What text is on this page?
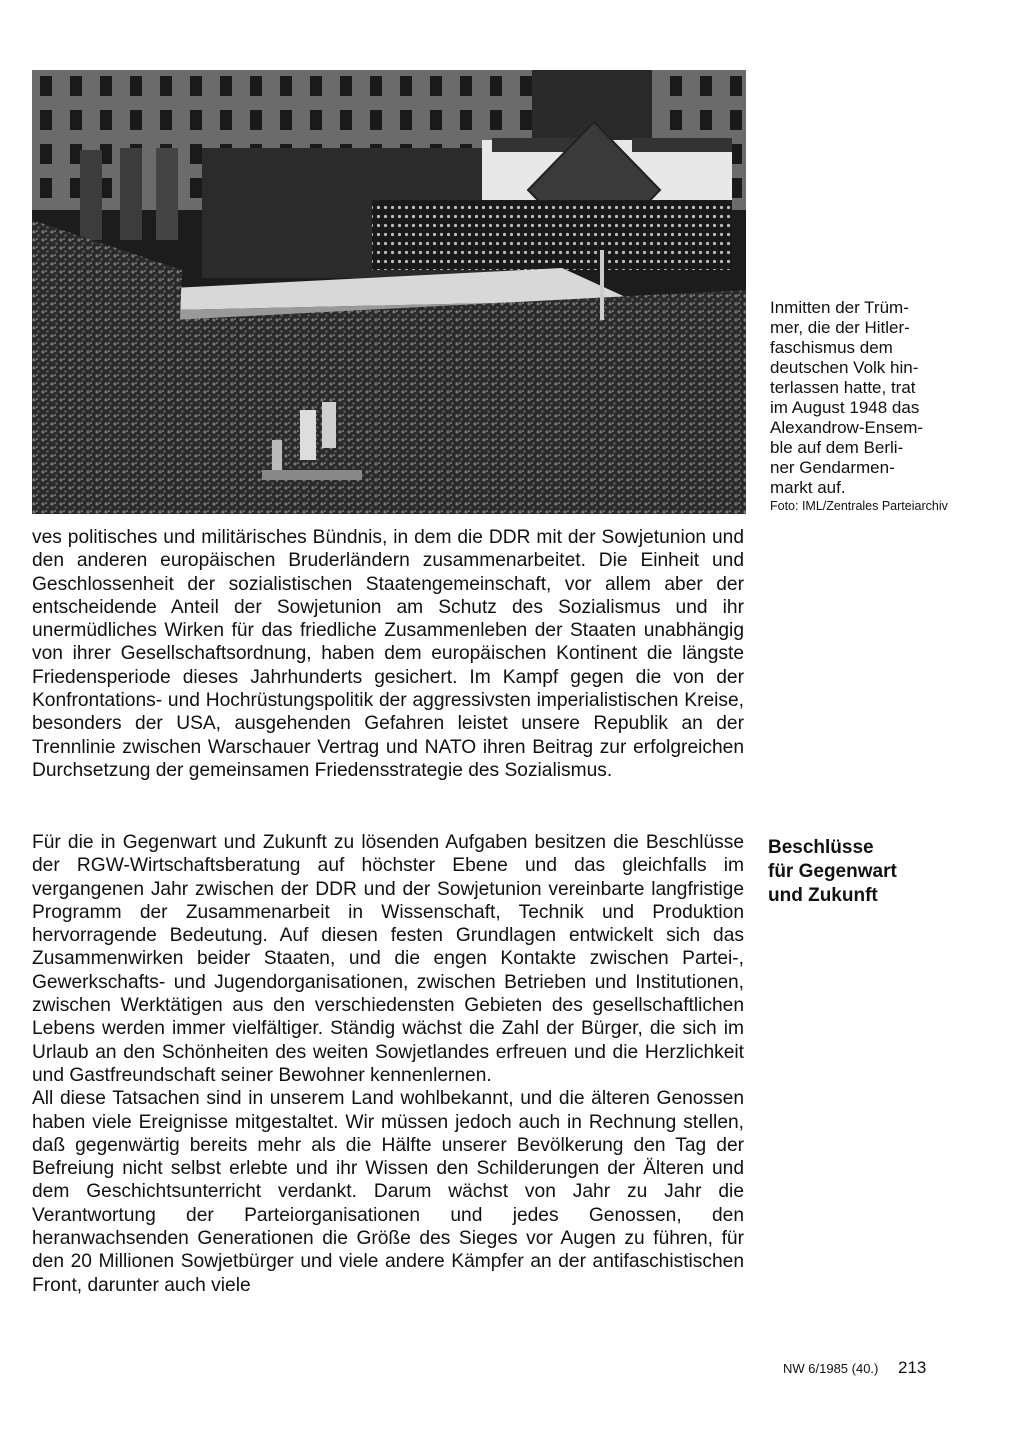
Inmitten der Trüm-

mer, die der Hitler-

faschismus dem

deutschen Volk hin-

terlassen hatte, trat

im August 1948 das

Alexandrow-Ensem-

ble auf dem Berli-

ner Gendarmen-

markt auf.

Foto: IML/Zentrales Parteiarchiv

ves politisches und militärisches Bündnis, in dem die DDR mit der Sowjetunion und den anderen europäischen Bruderländern zusammenarbeitet. Die Einheit und Geschlossenheit der sozialistischen Staatengemeinschaft, vor allem aber der entscheidende Anteil der Sowjetunion am Schutz des Sozialismus und ihr unermüdliches Wirken für das friedliche Zusammenleben der Staaten unabhängig von ihrer Gesellschaftsordnung, haben dem europäischen Kontinent die längste Friedensperiode dieses Jahrhunderts gesichert. Im Kampf gegen die von der Konfrontations- und Hochrüstungspolitik der aggressivsten imperialistischen Kreise, besonders der USA, ausgehenden Gefahren leistet unsere Republik an der Trennlinie zwischen Warschauer Vertrag und NATO ihren Beitrag zur erfolgreichen Durchsetzung der gemeinsamen Friedensstrategie des Sozialismus.

Beschlüsse
für Gegenwart
und Zukunft

Für die in Gegenwart und Zukunft zu lösenden Aufgaben besitzen die Beschlüsse der RGW-Wirtschaftsberatung auf höchster Ebene und das gleichfalls im vergangenen Jahr zwischen der DDR und der Sowjetunion vereinbarte langfristige Programm der Zusammenarbeit in Wissenschaft, Technik und Produktion hervorragende Bedeutung. Auf diesen festen Grundlagen entwickelt sich das Zusammenwirken beider Staaten, und die engen Kontakte zwischen Partei-, Gewerkschafts- und Jugendorganisationen, zwischen Betrieben und Institutionen, zwischen Werktätigen aus den verschiedensten Gebieten des gesellschaftlichen Lebens werden immer vielfältiger. Ständig wächst die Zahl der Bürger, die sich im Urlaub an den Schönheiten des weiten Sowjetlandes erfreuen und die Herzlichkeit und Gastfreundschaft seiner Bewohner kennenlernen.

All diese Tatsachen sind in unserem Land wohlbekannt, und die älteren Genossen haben viele Ereignisse mitgestaltet. Wir müssen jedoch auch in Rechnung stellen, daß gegenwärtig bereits mehr als die Hälfte unserer Bevölkerung den Tag der Befreiung nicht selbst erlebte und ihr Wissen den Schilderungen der Älteren und dem Geschichtsunterricht verdankt. Darum wächst von Jahr zu Jahr die Verantwortung der Parteiorganisationen und jedes Genossen, den heranwachsenden Generationen die Größe des Sieges vor Augen zu führen, für den 20 Millionen Sowjetbürger und viele andere Kämpfer an der antifaschistischen Front, darunter auch viele

NW 6/1985 (40.) 213
